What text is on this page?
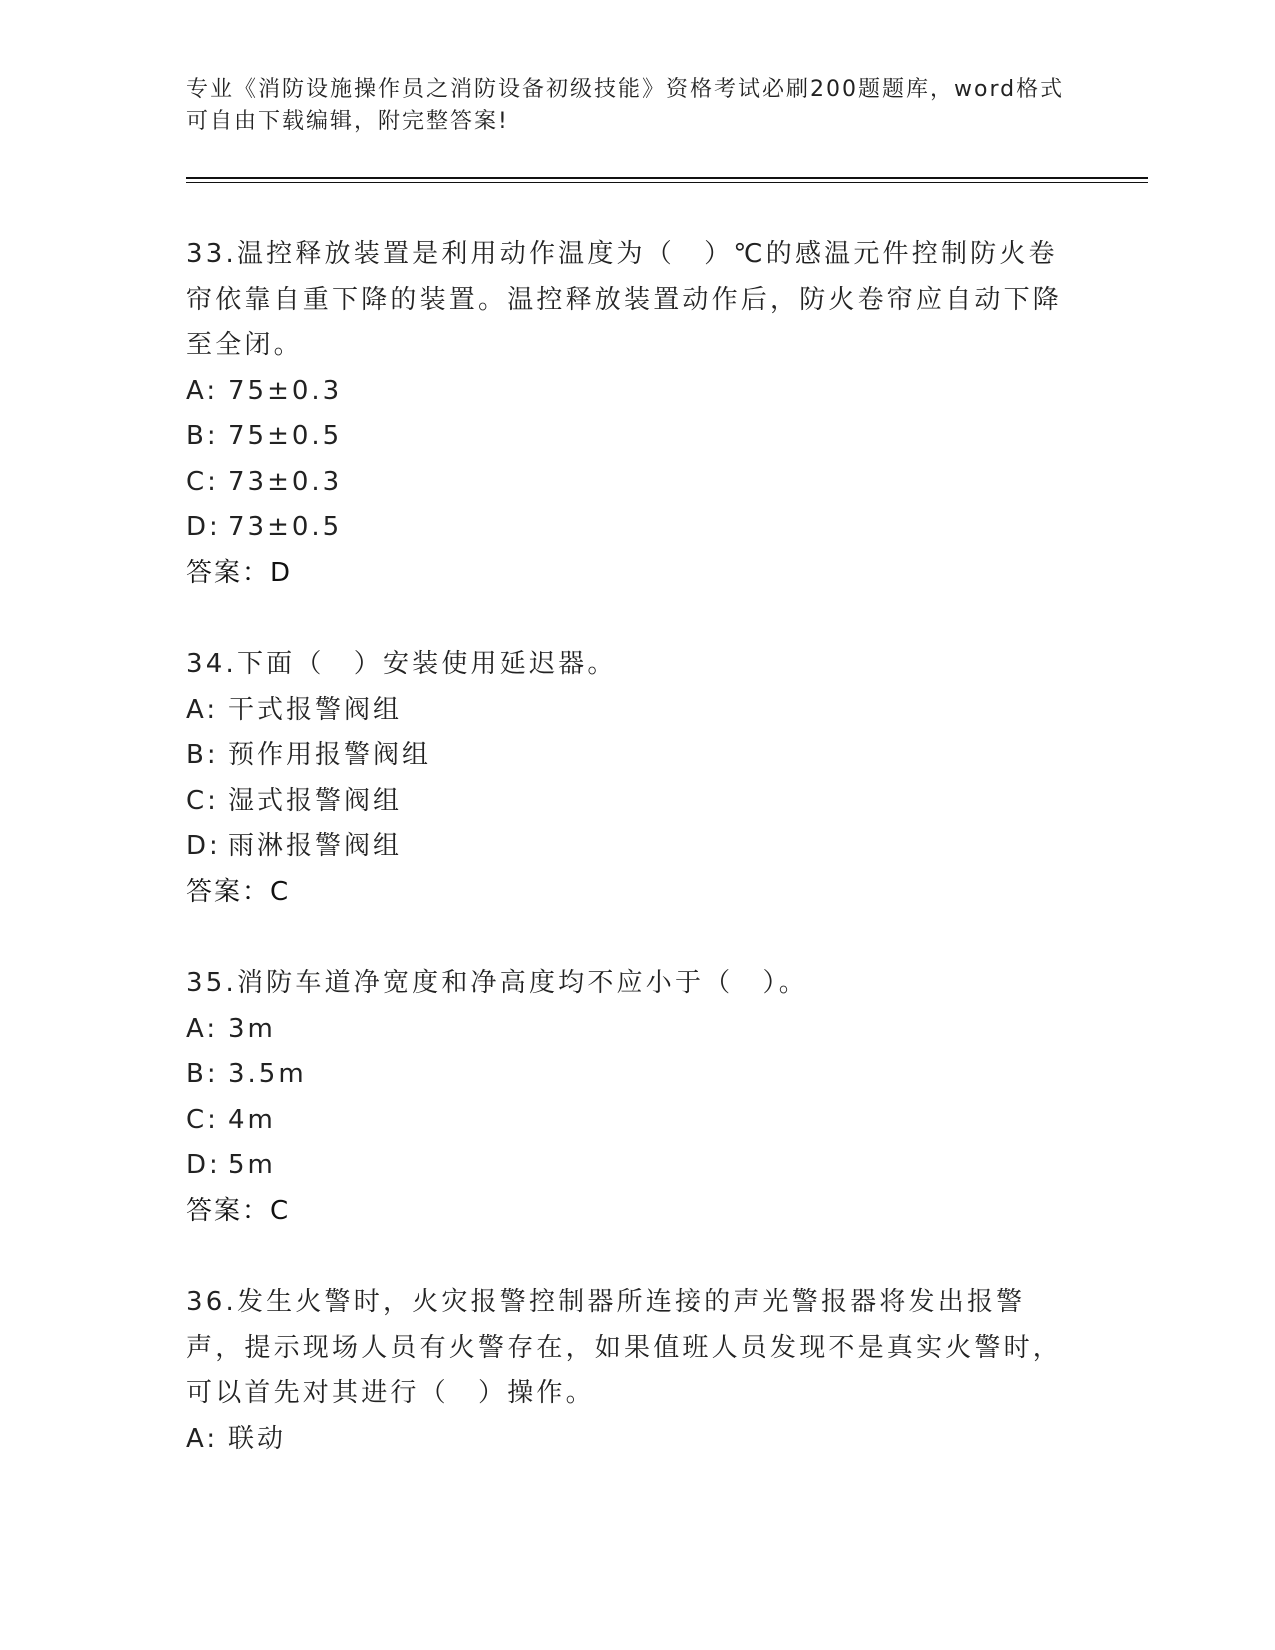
专业《消防设施操作员之消防设备初级技能》资格考试必刷200题题库，word格式可自由下载编辑，附完整答案!
33.温控释放装置是利用动作温度为（　）℃的感温元件控制防火卷帘依靠自重下降的装置。温控释放装置动作后，防火卷帘应自动下降至全闭。
A: 75±0.3
B: 75±0.5
C: 73±0.3
D: 73±0.5
答案：D
34.下面（　）安装使用延迟器。
A: 干式报警阀组
B: 预作用报警阀组
C: 湿式报警阀组
D: 雨淋报警阀组
答案：C
35.消防车道净宽度和净高度均不应小于（　）。
A: 3m
B: 3.5m
C: 4m
D: 5m
答案：C
36.发生火警时，火灾报警控制器所连接的声光警报器将发出报警声，提示现场人员有火警存在，如果值班人员发现不是真实火警时，可以首先对其进行（　）操作。
A: 联动
